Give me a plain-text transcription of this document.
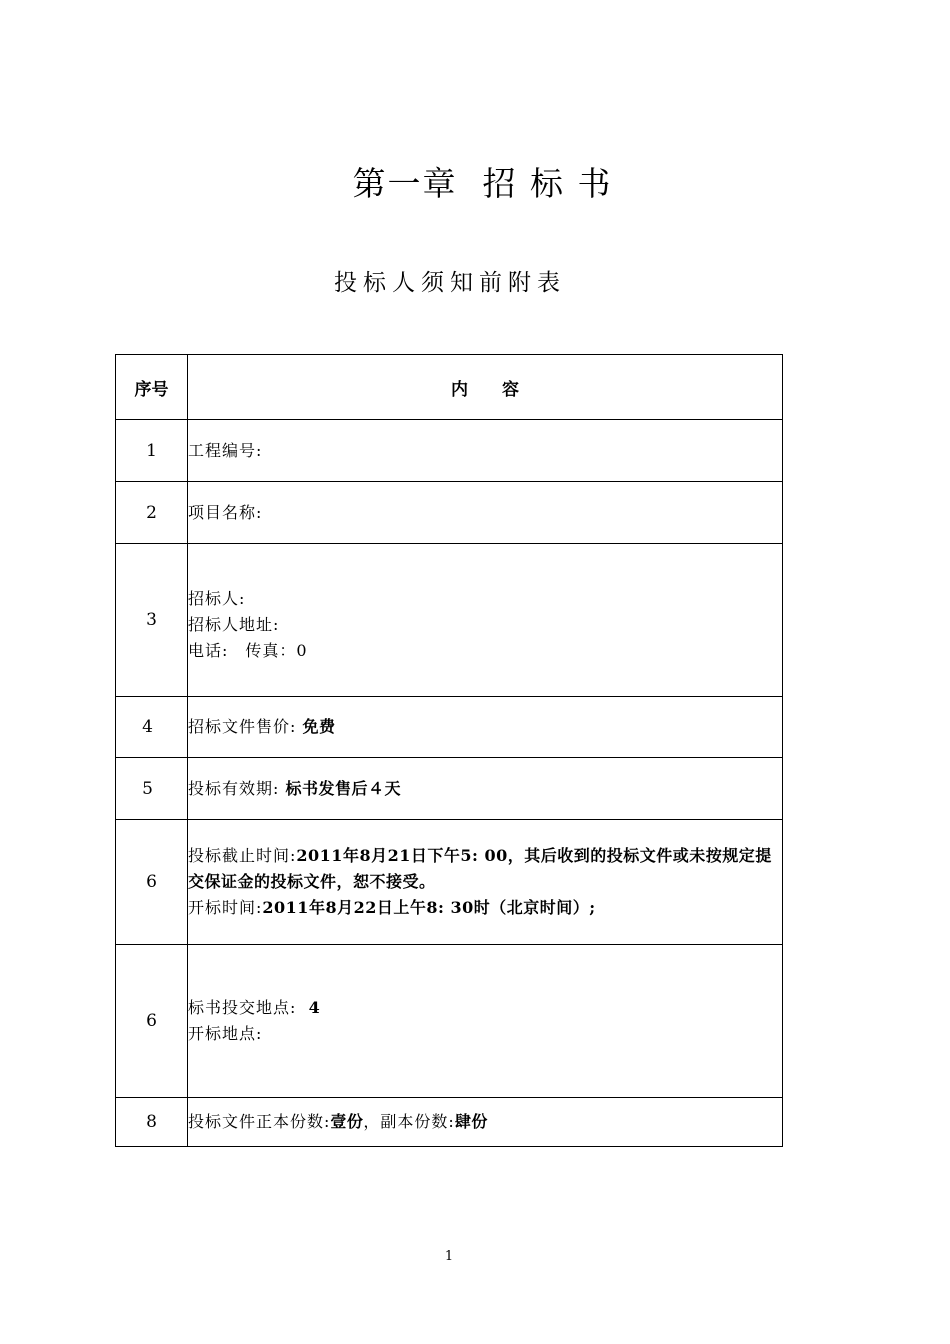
第一章  招 标 书
投标人须知前附表
序号	内　　容
1	工程编号:
2	项目名称:
3	招标人:
招标人地址:
电话:　传真：0

4	招标文件售价: 免费
5	投标有效期: 标书发售后４天
6	投标截止时间:2011年8月21日下午5: 00，其后收到的投标文件或未按规定提交保证金的投标文件，恕不接受。
开标时间:2011年8月22日上午8: 30时（北京时间）;

6	标书投交地点: 4
开标地点:

8	投标文件正本份数:壹份，副本份数:肆份
1
